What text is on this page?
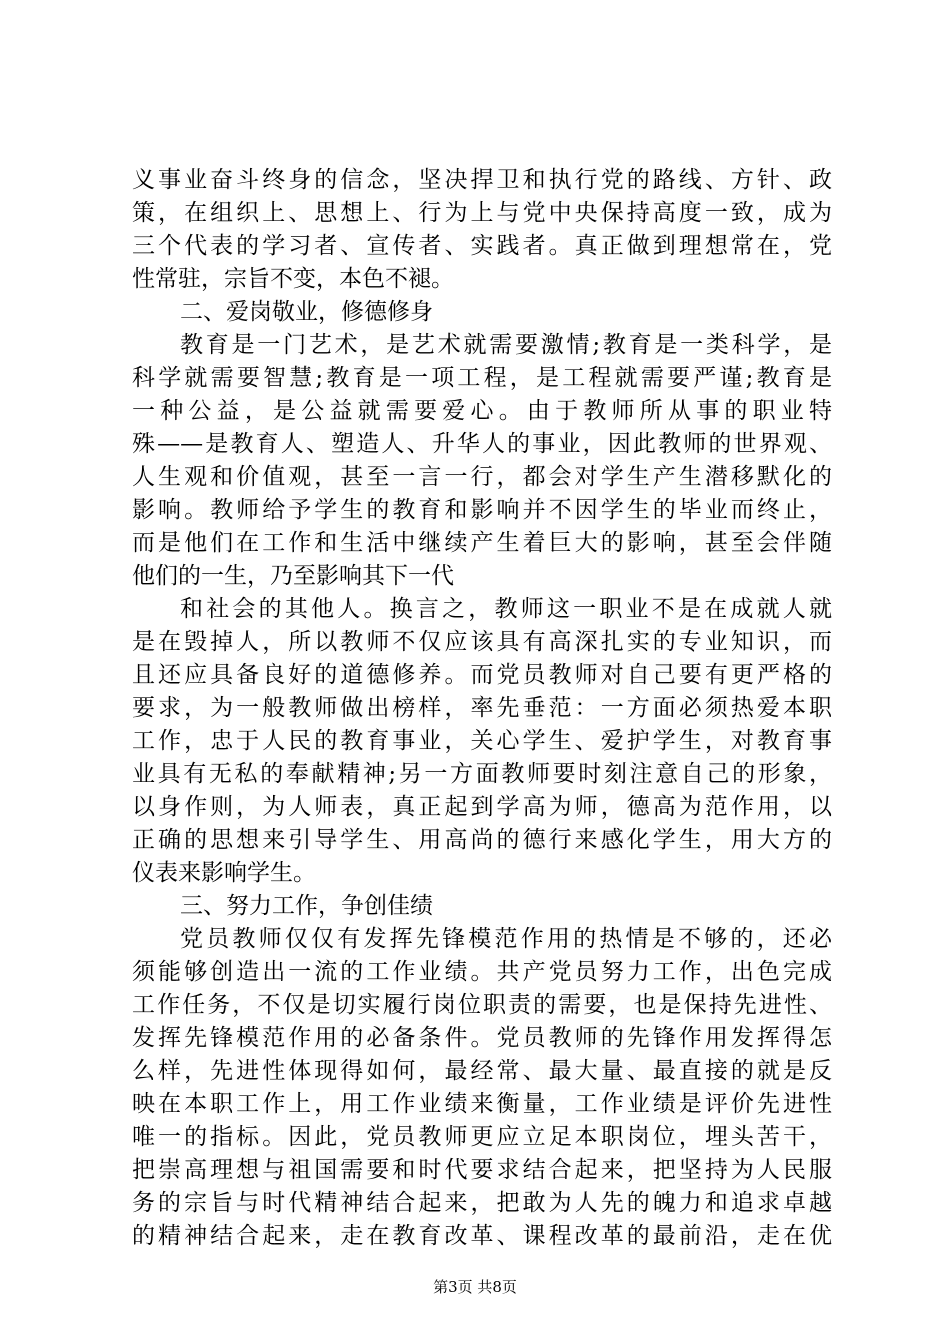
义事业奋斗终身的信念，坚决捍卫和执行党的路线、方针、政
策，在组织上、思想上、行为上与党中央保持高度一致，成为
三个代表的学习者、宣传者、实践者。真正做到理想常在，党
性常驻，宗旨不变，本色不褪。
二、爱岗敬业，修德修身
教育是一门艺术，是艺术就需要激情;教育是一类科学，是
科学就需要智慧;教育是一项工程，是工程就需要严谨;教育是
一种公益，是公益就需要爱心。由于教师所从事的职业特
殊——是教育人、塑造人、升华人的事业，因此教师的世界观、
人生观和价值观，甚至一言一行，都会对学生产生潜移默化的
影响。教师给予学生的教育和影响并不因学生的毕业而终止，
而是他们在工作和生活中继续产生着巨大的影响，甚至会伴随
他们的一生，乃至影响其下一代
和社会的其他人。换言之，教师这一职业不是在成就人就
是在毁掉人，所以教师不仅应该具有高深扎实的专业知识，而
且还应具备良好的道德修养。而党员教师对自己要有更严格的
要求，为一般教师做出榜样，率先垂范：一方面必须热爱本职
工作，忠于人民的教育事业，关心学生、爱护学生，对教育事
业具有无私的奉献精神;另一方面教师要时刻注意自己的形象，
以身作则，为人师表，真正起到学高为师，德高为范作用，以
正确的思想来引导学生、用高尚的德行来感化学生，用大方的
仪表来影响学生。
三、努力工作，争创佳绩
党员教师仅仅有发挥先锋模范作用的热情是不够的，还必
须能够创造出一流的工作业绩。共产党员努力工作，出色完成
工作任务，不仅是切实履行岗位职责的需要，也是保持先进性、
发挥先锋模范作用的必备条件。党员教师的先锋作用发挥得怎
么样，先进性体现得如何，最经常、最大量、最直接的就是反
映在本职工作上，用工作业绩来衡量，工作业绩是评价先进性
唯一的指标。因此，党员教师更应立足本职岗位，埋头苦干，
把崇高理想与祖国需要和时代要求结合起来，把坚持为人民服
务的宗旨与时代精神结合起来，把敢为人先的魄力和追求卓越
的精神结合起来，走在教育改革、课程改革的最前沿，走在优
第3页 共8页
